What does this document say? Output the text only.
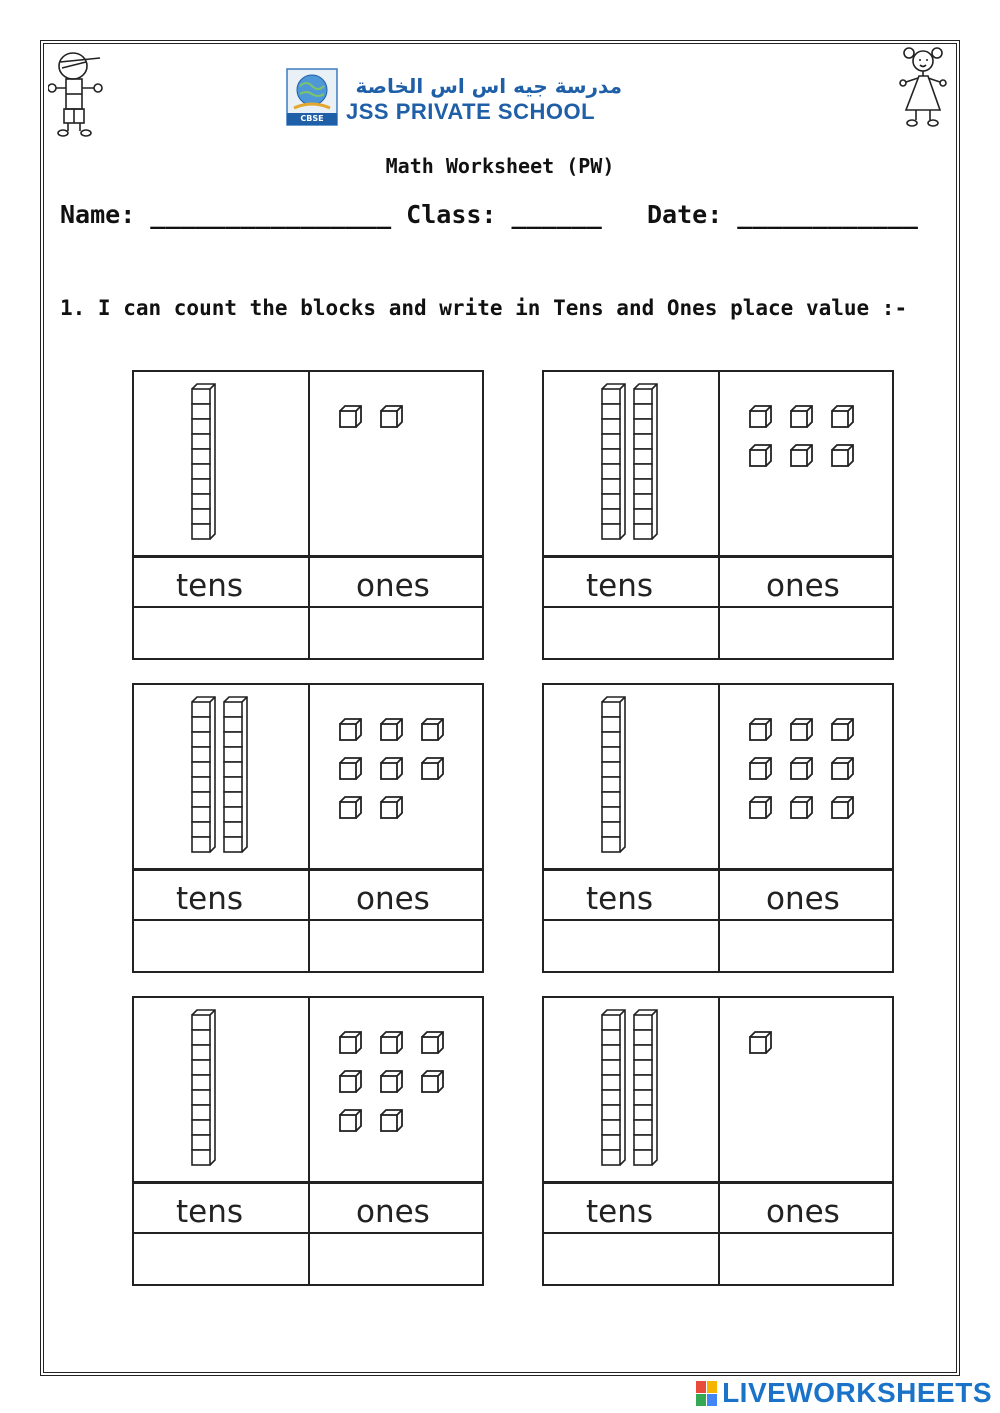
CBSE
مدرسة جيه اس اس الخاصة
JSS PRIVATE SCHOOL
Math Worksheet (PW)
Name: ________________ Class: ______   Date: ____________
1. I can count the blocks and write in Tens and Ones place value :-
tens	ones	tens	ones
tens	ones	tens	ones
tens	ones	tens	ones
LIVEWORKSHEETS
